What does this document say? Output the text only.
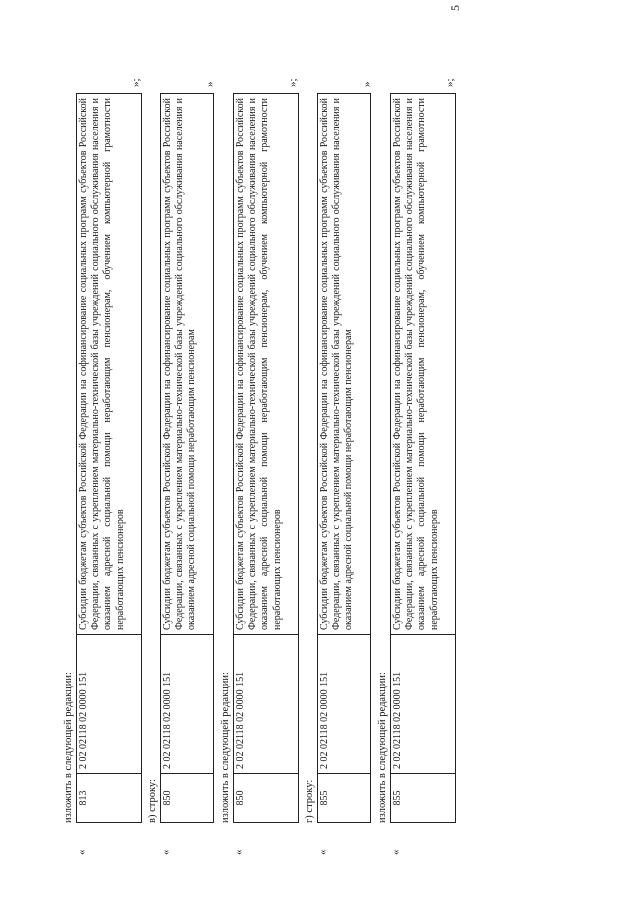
5
изложить в следующей редакции:
«
813	2 02 02118 02 0000 151	Субсидии бюджетам субъектов Российской Федерации на софинансирование социальных программ субъектов Российской Федерации, связанных с укреплением материально-технической базы учреждений социального обслуживания населения и оказанием адресной социальной помощи неработающим пенсионерам, обучением компьютерной грамотности неработающих пенсионеров
»;
в) строку:
«
850	2 02 02118 02 0000 151	Субсидии бюджетам субъектов Российской Федерации на софинансирование социальных программ субъектов Российской Федерации, связанных с укреплением материально-технической базы учреждений социального обслуживания населения и оказанием адресной социальной помощи неработающим пенсионерам
»
изложить в следующей редакции:
«
850	2 02 02118 02 0000 151	Субсидии бюджетам субъектов Российской Федерации на софинансирование социальных программ субъектов Российской Федерации, связанных с укреплением материально-технической базы учреждений социального обслуживания населения и оказанием адресной социальной помощи неработающим пенсионерам, обучением компьютерной грамотности неработающих пенсионеров
»;
г) строку:
«
855	2 02 02118 02 0000 151	Субсидии бюджетам субъектов Российской Федерации на софинансирование социальных программ субъектов Российской Федерации, связанных с укреплением материально-технической базы учреждений социального обслуживания населения и оказанием адресной социальной помощи неработающим пенсионерам
»
изложить в следующей редакции:
«
855	2 02 02118 02 0000 151	Субсидии бюджетам субъектов Российской Федерации на софинансирование социальных программ субъектов Российской Федерации, связанных с укреплением материально-технической базы учреждений социального обслуживания населения и оказанием адресной социальной помощи неработающим пенсионерам, обучением компьютерной грамотности неработающих пенсионеров
»;
